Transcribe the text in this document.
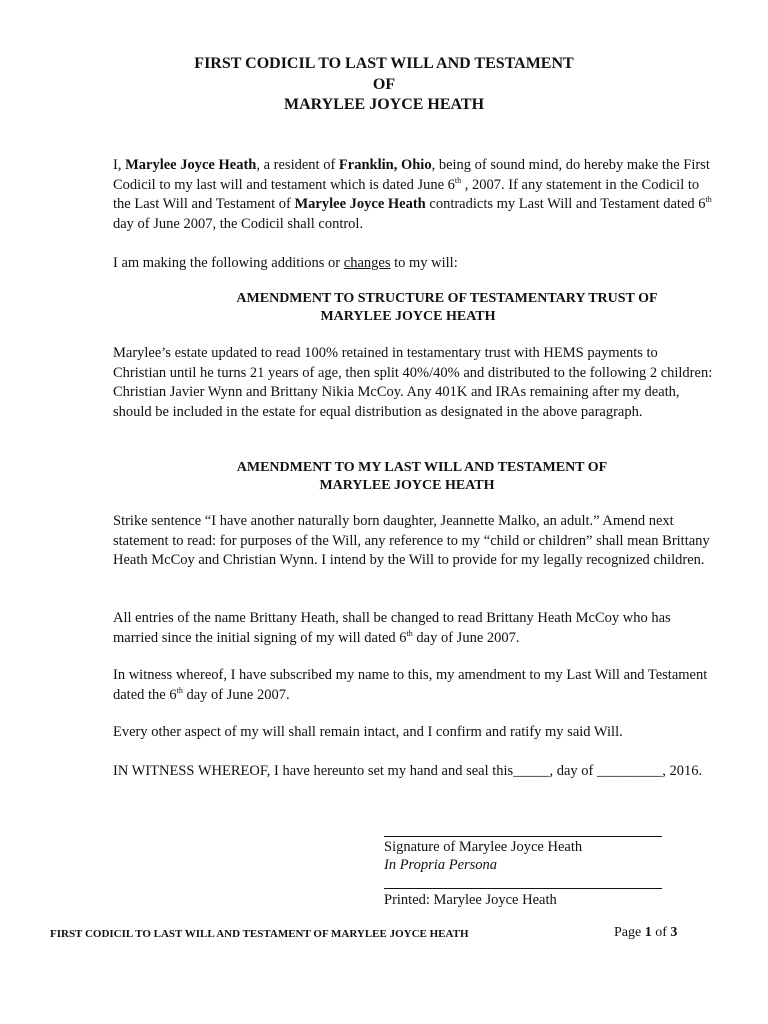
FIRST CODICIL TO LAST WILL AND TESTAMENT
OF
MARYLEE JOYCE HEATH
I, Marylee Joyce Heath, a resident of Franklin, Ohio, being of sound mind, do hereby make the First Codicil to my last will and testament which is dated June 6th , 2007. If any statement in the Codicil to the Last Will and Testament of Marylee Joyce Heath contradicts my Last Will and Testament dated 6th day of June 2007, the Codicil shall control.
I am making the following additions or changes to my will:
AMENDMENT TO STRUCTURE OF TESTAMENTARY TRUST OF
MARYLEE JOYCE HEATH
Marylee’s estate updated to read 100% retained in testamentary trust with HEMS payments to Christian until he turns 21 years of age, then split 40%/40% and distributed to the following 2 children: Christian Javier Wynn and Brittany Nikia McCoy. Any 401K and IRAs remaining after my death, should be included in the estate for equal distribution as designated in the above paragraph.
AMENDMENT TO MY LAST WILL AND TESTAMENT OF
MARYLEE JOYCE HEATH
Strike sentence “I have another naturally born daughter, Jeannette Malko, an adult.” Amend next statement to read: for purposes of the Will, any reference to my “child or children” shall mean Brittany Heath McCoy and Christian Wynn. I intend by the Will to provide for my legally recognized children.
All entries of the name Brittany Heath, shall be changed to read Brittany Heath McCoy who has married since the initial signing of my will dated 6th day of June 2007.
In witness whereof, I have subscribed my name to this, my amendment to my Last Will and Testament dated the 6th day of June 2007.
Every other aspect of my will shall remain intact, and I confirm and ratify my said Will.
IN WITNESS WHEREOF, I have hereunto set my hand and seal this_____, day of _________, 2016.
Signature of Marylee Joyce Heath
In Propria Persona
Printed: Marylee Joyce Heath
FIRST CODICIL TO LAST WILL AND TESTAMENT OF MARYLEE JOYCE HEATH	Page 1 of 3
